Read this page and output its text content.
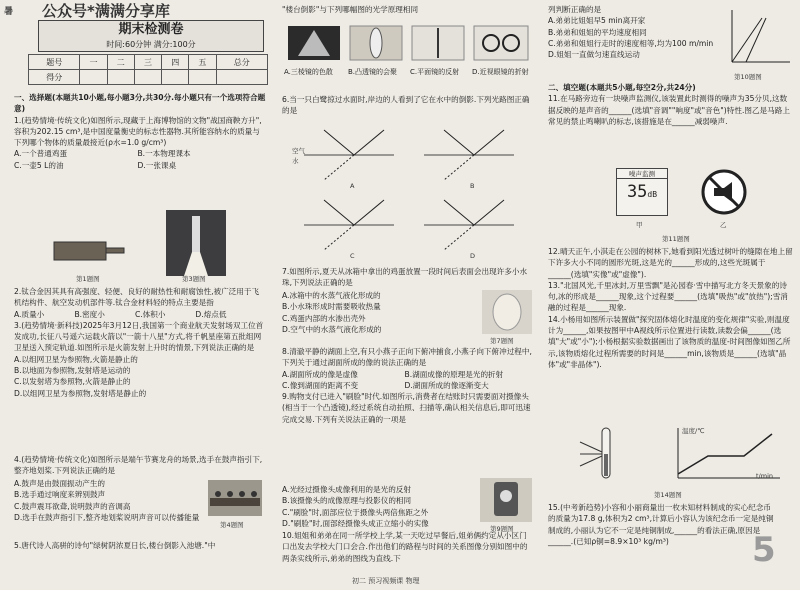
暑 公众号*满满分享库
期末检测卷
时间:60分钟 满分:100分
题号	一	二	三	四	五	总分
得分						
一、选择题(本题共10小题,每小题3分,共30分.每小题只有一个选项符合题意)
1.(趋势情境·传统文化)如图所示,现藏于上海博物馆的文物"战国商鞅方升",容积为202.15 cm³,是中国度量衡史的标志性器物.其所能容纳水的质量与下列哪个物体的质量最接近(ρ水=1.0 g/cm³)
A.一个普通鸡蛋	B.一本物理课本 C.一壶5 L的油	D.一张课桌
第1题图	第3题图
2.钛合金因其具有高强度、轻便、良好的耐热性和耐腐蚀性,被广泛用于飞机结构件、航空发动机部件等.钛合金材料轻的特点主要是指
A.质量小	B.密度小	C.体积小	D.熔点低
3.(趋势情境·新科技)2025年3月12日,我国第一个商业航天发射场双工位首发成功,长征八号遥六运载火箭以"一箭十八星"方式,将千帆星座第五批组网卫星送入预定轨道.如图所示是火箭发射上升时的情景,下列说法正确的是
A.以组网卫星为参照物,火箭是静止的
B.以地面为参照物,发射塔是运动的
C.以发射塔为参照物,火箭是静止的
D.以组网卫星为参照物,发射塔是静止的
4.(趋势情境·传统文化)如图所示是端午节赛龙舟的场景,选手在鼓声指引下,整齐地划桨.下列说法正确的是
A.鼓声是由鼓面振动产生的
B.选手通过响度来辨别鼓声
C.鼓声震耳欲聋,说明鼓声的音调高
D.选手在鼓声指引下,整齐地划桨说明声音可以传播能量
第4题图
5.唐代诗人高骈的诗句"绿树阴浓夏日长,楼台倒影入池塘."中
"楼台倒影"与下列哪幅图的光学原理相同
A.三棱镜的色散	B.凸透镜的会聚	C.平面镜的反射	D.近视眼镜的折射
6.当一只白鹭掠过水面时,岸边的人看到了它在水中的倒影.下列光路图正确的是
空气
水
A	B
C	D
7.如图所示,夏天从冰箱中拿出的鸡蛋放置一段时间后表面会出现许多小水珠,下列说法正确的是
A.冰箱中的水蒸气液化形成的
B.小水珠形成时需要吸收热量
C.鸡蛋内部的水渗出壳外
D.空气中的水蒸气液化形成的
第7题图
8.清澈平静的湖面上空,有只小燕子正向下俯冲捕食,小燕子向下俯冲过程中,下列关于通过湖面所成的像的说法正确的是
A.湖面所成的像是虚像	B.湖面成像的原理是光的折射 C.像到湖面的距离不变	D.湖面所成的像逐渐变大
9.购物支付已进入"刷脸"时代.如图所示,消费者在结账时只需要面对摄像头(相当于一个凸透镜),经过系统自动拍照、扫描等,确认相关信息后,即可迅速完成交易.下列有关说法正确的一项是
A.光经过摄像头成像利用的是光的反射
B.该摄像头的成像原理与投影仪的相同
C."刷脸"时,面部应位于摄像头两倍焦距之外
D."刷脸"时,面部经摄像头成正立缩小的实像
第9题图
10.姐姐和弟弟在同一所学校上学,某一天吃过早餐后,姐弟俩约定从小区门口出发去学校大门口会合.作出他们的路程与时间的关系图像分别如图中的两条实线所示,弟弟的图线为直线.下
初二 预习视频课 物理
列判断正确的是
A.弟弟比姐姐早5 min离开家
B.弟弟和姐姐的平均速度相同
C.弟弟和姐姐行走时的速度相等,均为100 m/min
D.姐姐一直做匀速直线运动
第10题图
二、填空题(本题共5小题,每空2分,共24分)
11.在马路旁边有一块噪声监测仪,该装置此时测得的噪声为35分贝,这数据反映的是声音的______(选填"音调""响度"或"音色")特性.图乙是马路上常见的禁止鸣喇叭的标志,该措施是在______减弱噪声.
噪声监测
35dB
甲	乙
第11题图
12.晴天正午,小淇走在公园的树林下,她看到阳光透过树叶的缝隙在地上留下许多大小不同的圆形光斑,这是光的______形成的,这些光斑属于______(选填"实像"或"虚像").
13."北国风光,千里冰封,万里雪飘"是沁园春·雪中描写北方冬天景象的诗句,冰的形成是______现象,这个过程要______(选填"吸热"或"放热");雪消融的过程是______现象.
14.小杨用如图所示装置做"探究固体熔化时温度的变化规律"实验,则温度计为______,如果按图甲中A视线所示位置进行读数,读数会偏______(选填"大"或"小");小杨根据实验数据画出了该物质的温度-时间图像如图乙所示,该物质熔化过程所需要的时间是______min,该物质是______(选填"晶体"或"非晶体").
温度/℃
t/min
第14题图
15.(中考新趋势)小容和小丽商量出一枚未知材料制成的实心纪念币的质量为17.8 g,体积为2 cm³,计算后小容认为该纪念币一定是纯铜制成的,小丽认为它不一定是纯铜制成,______的看法正确,原因是______.(已知ρ铜=8.9×10³ kg/m³)	5
